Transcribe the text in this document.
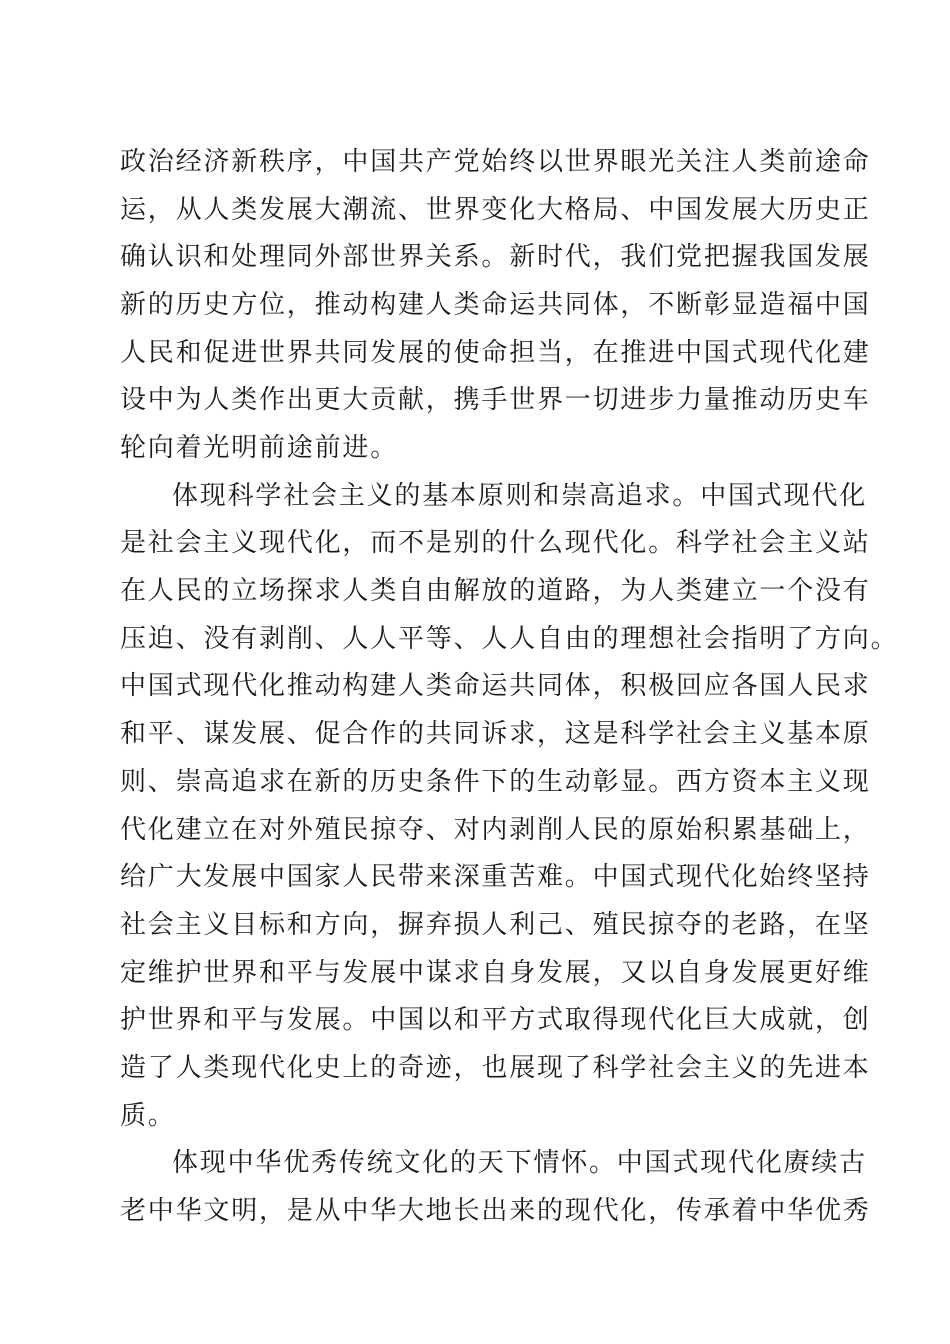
政治经济新秩序，中国共产党始终以世界眼光关注人类前途命
运，从人类发展大潮流、世界变化大格局、中国发展大历史正
确认识和处理同外部世界关系。新时代，我们党把握我国发展
新的历史方位，推动构建人类命运共同体，不断彰显造福中国
人民和促进世界共同发展的使命担当，在推进中国式现代化建
设中为人类作出更大贡献，携手世界一切进步力量推动历史车
轮向着光明前途前进。
体现科学社会主义的基本原则和崇高追求。中国式现代化
是社会主义现代化，而不是别的什么现代化。科学社会主义站
在人民的立场探求人类自由解放的道路，为人类建立一个没有
压迫、没有剥削、人人平等、人人自由的理想社会指明了方向。
中国式现代化推动构建人类命运共同体，积极回应各国人民求
和平、谋发展、促合作的共同诉求，这是科学社会主义基本原
则、崇高追求在新的历史条件下的生动彰显。西方资本主义现
代化建立在对外殖民掠夺、对内剥削人民的原始积累基础上，
给广大发展中国家人民带来深重苦难。中国式现代化始终坚持
社会主义目标和方向，摒弃损人利己、殖民掠夺的老路，在坚
定维护世界和平与发展中谋求自身发展，又以自身发展更好维
护世界和平与发展。中国以和平方式取得现代化巨大成就，创
造了人类现代化史上的奇迹，也展现了科学社会主义的先进本
质。
体现中华优秀传统文化的天下情怀。中国式现代化赓续古
老中华文明，是从中华大地长出来的现代化，传承着中华优秀
